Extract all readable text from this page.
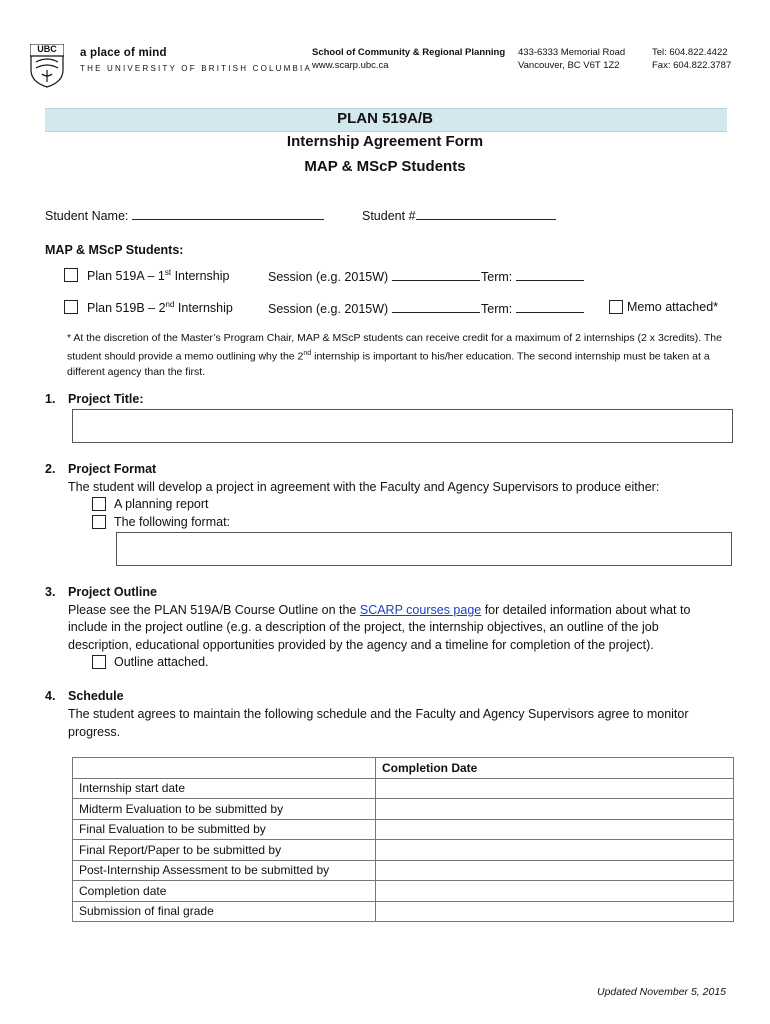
UBC	a place of mind
THE UNIVERSITY OF BRITISH COLUMBIA
School of Community & Regional Planning
www.scarp.ubc.ca
433-6333 Memorial Road
Vancouver, BC V6T 1Z2
Tel: 604.822.4422
Fax: 604.822.3787
PLAN 519A/B
Internship Agreement Form
MAP & MScP Students
Student Name:	Student #
MAP & MScP Students:
Plan 519A – 1st Internship	Session (e.g. 2015W)	Term:
Plan 519B – 2nd Internship	Session (e.g. 2015W)	Term:	Memo attached*
* At the discretion of the Master’s Program Chair, MAP & MScP students can receive credit for a maximum of 2 internships (2 x 3credits). The
student should provide a memo outlining why the 2nd internship is important to his/her education. The second internship must be taken at a
different agency than the first.
1. Project Title:
2. Project Format
The student will develop a project in agreement with the Faculty and Agency Supervisors to produce either:
A planning report
The following format:
3. Project Outline
Please see the PLAN 519A/B Course Outline on the SCARP courses page for detailed information about what to
include in the project outline (e.g. a description of the project, the internship objectives, an outline of the job
description, educational opportunities provided by the agency and a timeline for completion of the project).
Outline attached.
4. Schedule
The student agrees to maintain the following schedule and the Faculty and Agency Supervisors agree to monitor
progress.
	Completion Date
Internship start date	
Midterm Evaluation to be submitted by	
Final Evaluation to be submitted by	
Final Report/Paper to be submitted by	
Post-Internship Assessment to be submitted by	
Completion date	
Submission of final grade	
Updated November 5, 2015
